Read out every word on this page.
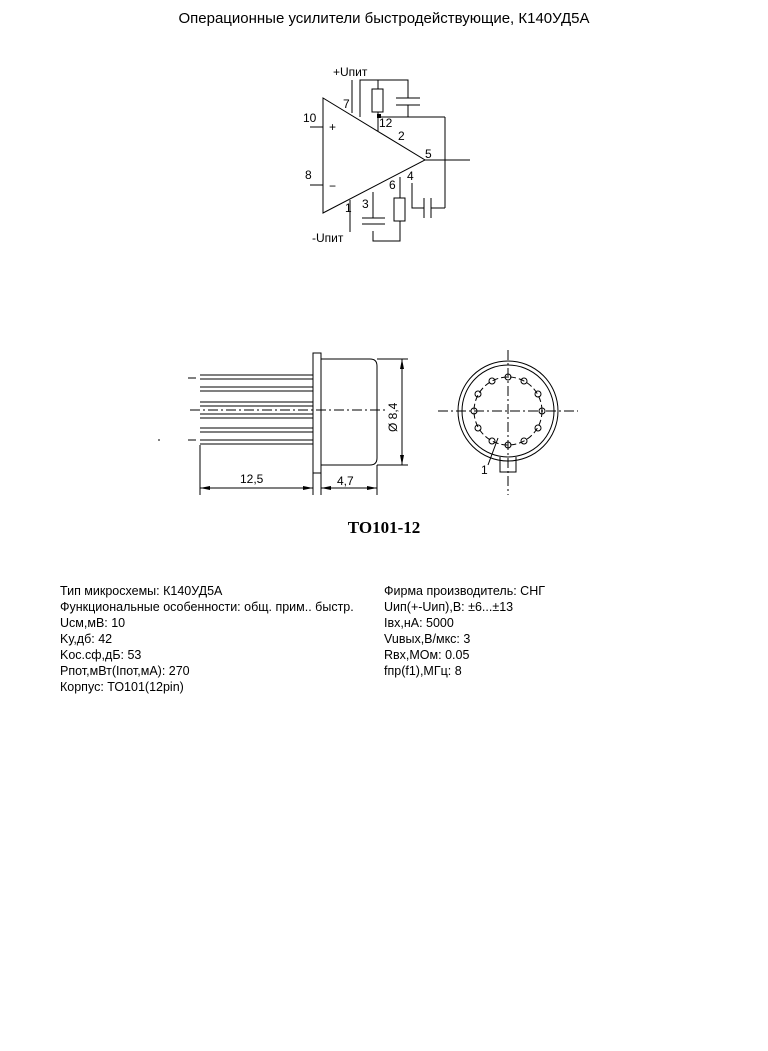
Операционные усилители быстродействующие, К140УД5А
+Uпит
-Uпит
+
−
10
8
7
1
12
2
5
6
4
3
12,5	4,7
Ø 8,4
1
ТО101-12
Тип микросхемы: К140УД5А
Функциональные особенности: общ. прим.. быстр.
Uсм,мВ: 10
Kу,дб: 42
Kос.сф,дБ: 53
Pпот,мВт(Iпот,мА): 270
Корпус: ТО101(12pin)
Фирма производитель: СНГ
Uип(+-Uип),В: ±6...±13
Iвх,нА: 5000
Vuвых,В/мкс: 3
Rвх,МОм: 0.05
fпр(f1),МГц: 8
